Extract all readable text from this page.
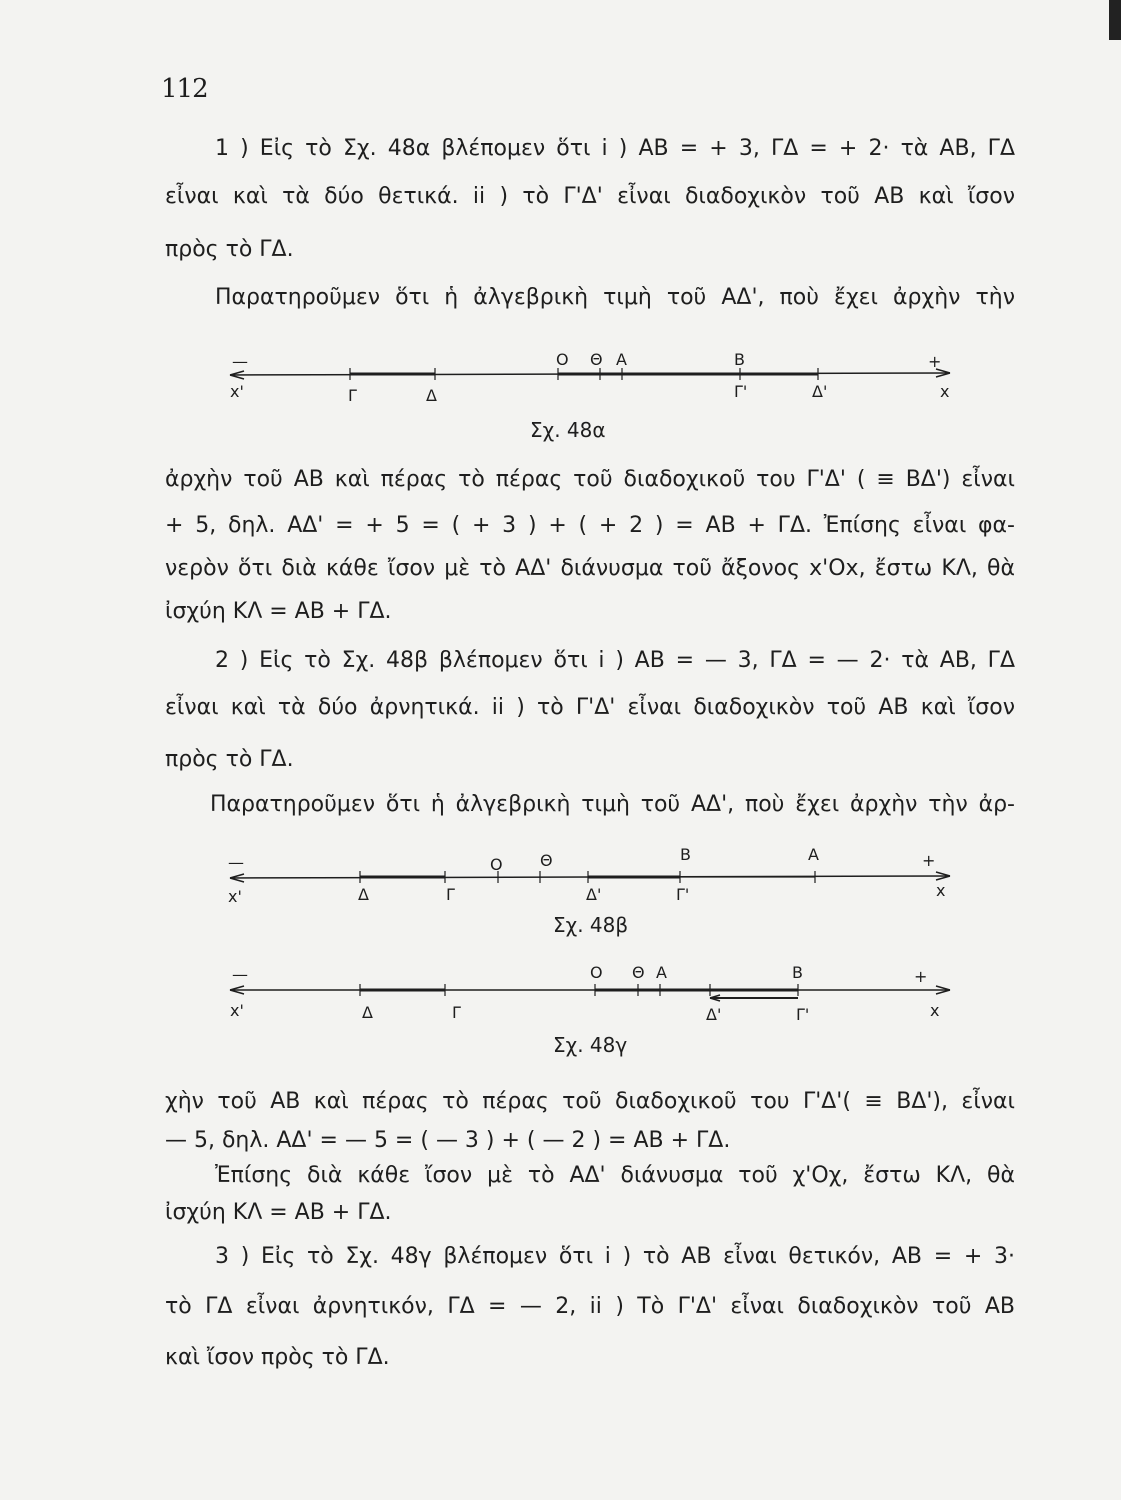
112
1 ) Εἰς τὸ Σχ. 48α βλέπομεν ὅτι i ) AB = + 3, ΓΔ = + 2· τὰ AB, ΓΔ
εἶναι καὶ τὰ δύο θετικά. ii ) τὸ Γ'Δ' εἶναι διαδοχικὸν τοῦ AB καὶ ἴσον
πρὸς τὸ ΓΔ.
Παρατηροῦμεν ὅτι ἡ ἀλγεβρικὴ τιμὴ τοῦ AΔ', ποὺ ἔχει ἀρχὴν τὴν
—	+
O Θ A	B
x'	Γ	Δ	Γ'	Δ'	x
Σχ. 48α
ἀρχὴν τοῦ AB καὶ πέρας τὸ πέρας τοῦ διαδοχικοῦ του Γ'Δ' ( ≡ BΔ') εἶναι
+ 5, δηλ. AΔ' = + 5 = ( + 3 ) + ( + 2 ) = AB + ΓΔ. Ἐπίσης εἶναι φα-
νερὸν ὅτι διὰ κάθε ἴσον μὲ τὸ AΔ' διάνυσμα τοῦ ἄξονος x'Ox, ἔστω KΛ, θὰ
ἰσχύη KΛ = AB + ΓΔ.
2 ) Εἰς τὸ Σχ. 48β βλέπομεν ὅτι i ) AB = — 3, ΓΔ = — 2· τὰ AB, ΓΔ
εἶναι καὶ τὰ δύο ἀρνητικά. ii ) τὸ Γ'Δ' εἶναι διαδοχικὸν τοῦ AB καὶ ἴσον
πρὸς τὸ ΓΔ.
Παρατηροῦμεν ὅτι ἡ ἀλγεβρικὴ τιμὴ τοῦ AΔ', ποὺ ἔχει ἀρχὴν τὴν ἀρ-
—	+
O Θ	B	A
x'	Δ	Γ	Δ'	Γ'	x
Σχ. 48β
—	+
O Θ A	B
x'	Δ	Γ	Δ'	Γ'	x
Σχ. 48γ
χὴν τοῦ AB καὶ πέρας τὸ πέρας τοῦ διαδοχικοῦ του Γ'Δ'( ≡ BΔ'), εἶναι
— 5, δηλ. AΔ' = — 5 = ( — 3 ) + ( — 2 ) = AB + ΓΔ.
Ἐπίσης διὰ κάθε ἴσον μὲ τὸ AΔ' διάνυσμα τοῦ χ'Οχ, ἔστω KΛ, θὰ
ἰσχύη KΛ = AB + ΓΔ.
3 ) Εἰς τὸ Σχ. 48γ βλέπομεν ὅτι i ) τὸ AB εἶναι θετικόν, AB = + 3·
τὸ ΓΔ εἶναι ἀρνητικόν, ΓΔ = — 2, ii ) Τὸ Γ'Δ' εἶναι διαδοχικὸν τοῦ AB
καὶ ἴσον πρὸς τὸ ΓΔ.
